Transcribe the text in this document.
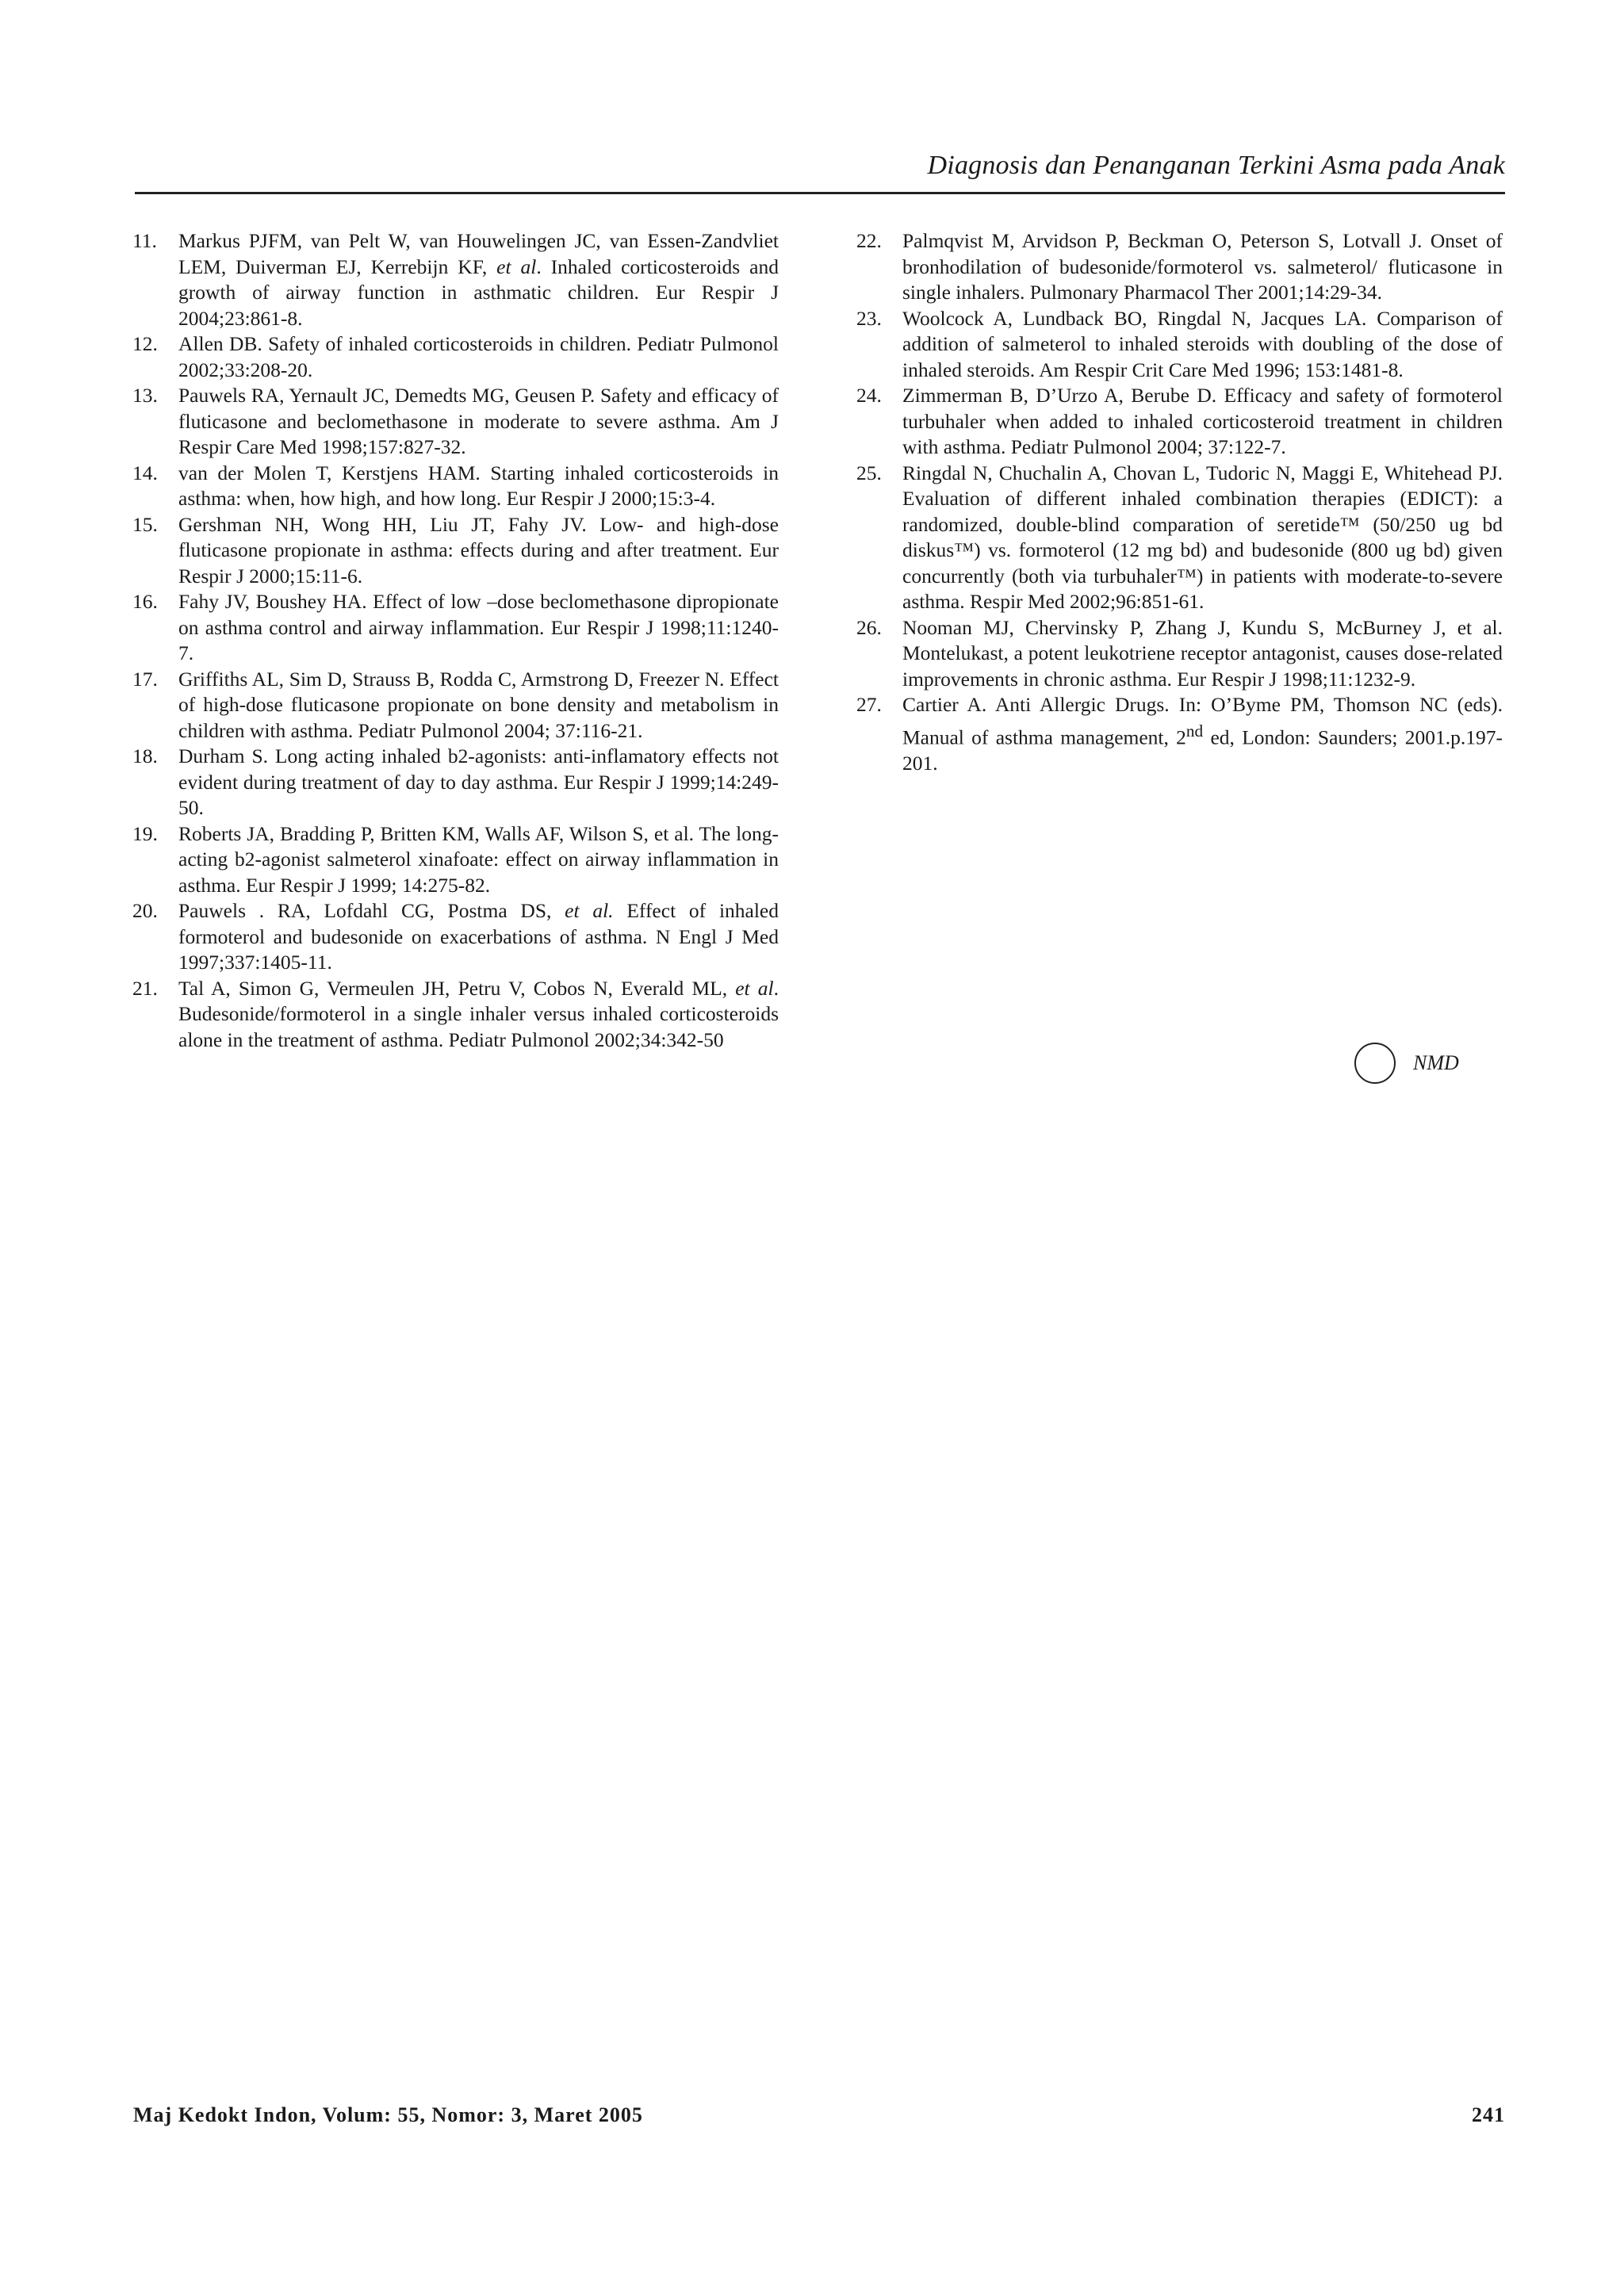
Diagnosis dan Penanganan Terkini Asma pada Anak
11.	Markus PJFM, van Pelt W, van Houwelingen JC, van Essen-Zandvliet LEM, Duiverman EJ, Kerrebijn KF, et al. Inhaled corticosteroids and growth of airway function in asthmatic children. Eur Respir J 2004;23:861-8.
12.	Allen DB. Safety of inhaled corticosteroids in children. Pediatr Pulmonol 2002;33:208-20.
13.	Pauwels RA, Yernault JC, Demedts MG, Geusen P. Safety and efficacy of fluticasone and beclomethasone in moderate to severe asthma. Am J Respir Care Med 1998;157:827-32.
14.	van der Molen T, Kerstjens HAM. Starting inhaled corticosteroids in asthma: when, how high, and how long. Eur Respir J 2000;15:3-4.
15.	Gershman NH, Wong HH, Liu JT, Fahy JV. Low- and high-dose fluticasone propionate in asthma: effects during and after treatment. Eur Respir J 2000;15:11-6.
16.	Fahy JV, Boushey HA. Effect of low –dose beclomethasone dipropionate on asthma control and airway inflammation. Eur Respir J 1998;11:1240-7.
17.	Griffiths AL, Sim D, Strauss B, Rodda C, Armstrong D, Freezer N. Effect of high-dose fluticasone propionate on bone density and metabolism in children with asthma. Pediatr Pulmonol 2004; 37:116-21.
18.	Durham S. Long acting inhaled b2-agonists: anti-inflamatory effects not evident during treatment of day to day asthma. Eur Respir J 1999;14:249-50.
19.	Roberts JA, Bradding P, Britten KM, Walls AF, Wilson S, et al. The long-acting b2-agonist salmeterol xinafoate: effect on airway inflammation in asthma. Eur Respir J 1999; 14:275-82.
20.	Pauwels . RA, Lofdahl CG, Postma DS, et al. Effect of inhaled formoterol and budesonide on exacerbations of asthma. N Engl J Med 1997;337:1405-11.
21.	Tal A, Simon G, Vermeulen JH, Petru V, Cobos N, Everald ML, et al. Budesonide/formoterol in a single inhaler versus inhaled corticosteroids alone in the treatment of asthma. Pediatr Pulmonol 2002;34:342-50
22.	Palmqvist M, Arvidson P, Beckman O, Peterson S, Lotvall J. Onset of bronhodilation of budesonide/formoterol vs. salmeterol/ fluticasone in single inhalers. Pulmonary Pharmacol Ther 2001;14:29-34.
23.	Woolcock A, Lundback BO, Ringdal N, Jacques LA. Comparison of addition of salmeterol to inhaled steroids with doubling of the dose of inhaled steroids. Am Respir Crit Care Med 1996; 153:1481-8.
24.	Zimmerman B, D’Urzo A, Berube D. Efficacy and safety of formoterol turbuhaler when added to inhaled corticosteroid treatment in children with asthma. Pediatr Pulmonol 2004; 37:122-7.
25.	Ringdal N, Chuchalin A, Chovan L, Tudoric N, Maggi E, Whitehead PJ. Evaluation of different inhaled combination therapies (EDICT): a randomized, double-blind comparation of seretide™ (50/250 ug bd diskus™) vs. formoterol (12 mg bd) and budesonide (800 ug bd) given concurrently (both via turbuhaler™) in patients with moderate-to-severe asthma. Respir Med 2002;96:851-61.
26.	Nooman MJ, Chervinsky P, Zhang J, Kundu S, McBurney J, et al. Montelukast, a potent leukotriene receptor antagonist, causes dose-related improvements in chronic asthma. Eur Respir J 1998;11:1232-9.
27.	Cartier A. Anti Allergic Drugs. In: O’Byme PM, Thomson NC (eds). Manual of asthma management, 2nd ed, London: Saunders; 2001.p.197-201.
NMD
Maj Kedokt Indon, Volum: 55, Nomor: 3, Maret 2005	241
